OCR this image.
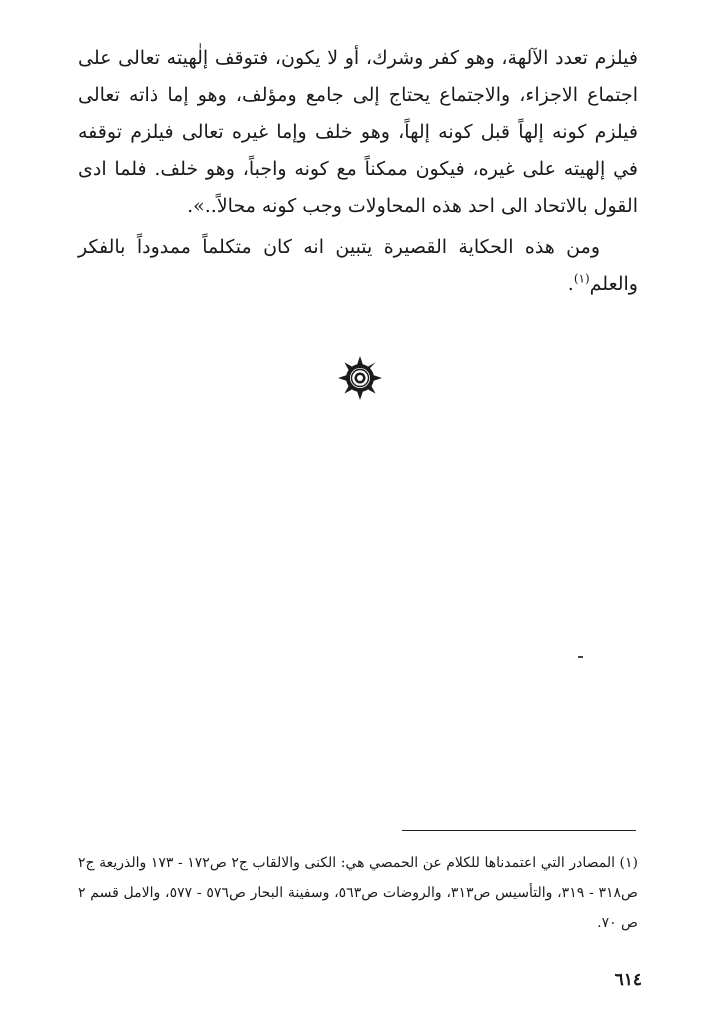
فيلزم تعدد الآلهة، وهو كفر وشرك، أو لا يكون، فتوقف إلٰهيته تعالى على اجتماع الاجزاء، والاجتماع يحتاج إلى جامع ومؤلف، وهو إما ذاته تعالى فيلزم كونه إلهاً قبل كونه إلهاً، وهو خلف وإما غيره تعالى فيلزم توقفه في إلهيته على غيره، فيكون ممكناً مع كونه واجباً، وهو خلف. فلما ادى القول بالاتحاد الى احد هذه المحاولات وجب كونه محالاً..».

ومن هذه الحكاية القصيرة يتبين انه كان متكلماً ممدوداً بالفكر والعلم$^{(١)}$.

(١) المصادر التي اعتمدناها للكلام عن الحمصي هي: الكنى والالقاب ج٢ ص١٧٢ - ١٧٣ والذريعة ج٢ ص٣١٨ - ٣١٩، والتأسيس ص٣١٣، والروضات ص٥٦٣، وسفينة البحار ص٥٧٦ - ٥٧٧، والامل قسم ٢ ص ٧٠.

٦١٤
